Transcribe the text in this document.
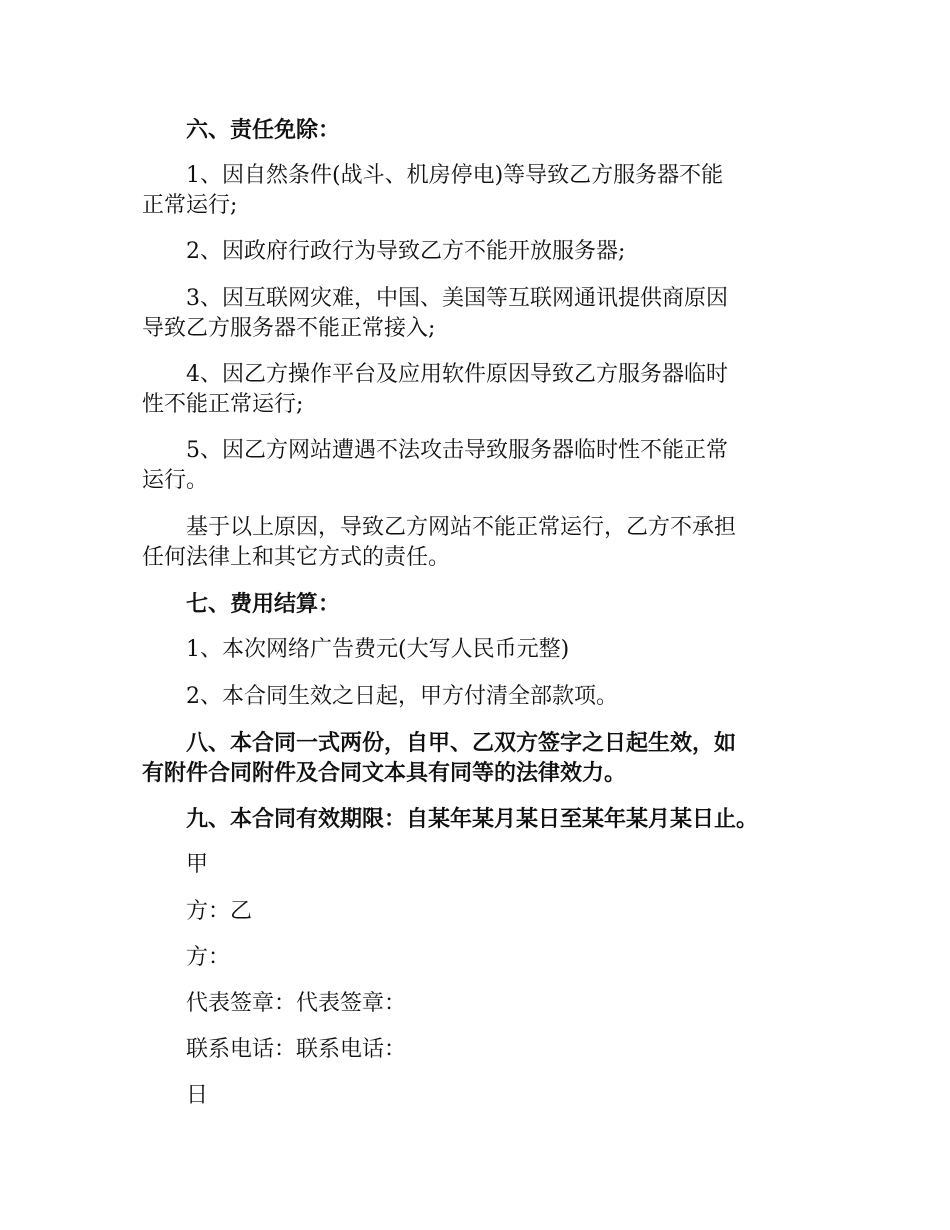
六、责任免除：
1、因自然条件(战斗、机房停电)等导致乙方服务器不能
正常运行;
2、因政府行政行为导致乙方不能开放服务器;
3、因互联网灾难，中国、美国等互联网通讯提供商原因
导致乙方服务器不能正常接入;
4、因乙方操作平台及应用软件原因导致乙方服务器临时
性不能正常运行;
5、因乙方网站遭遇不法攻击导致服务器临时性不能正常
运行。
基于以上原因，导致乙方网站不能正常运行，乙方不承担
任何法律上和其它方式的责任。
七、费用结算：
1、本次网络广告费元(大写人民币元整)
2、本合同生效之日起，甲方付清全部款项。
八、本合同一式两份，自甲、乙双方签字之日起生效，如
有附件合同附件及合同文本具有同等的法律效力。
九、本合同有效期限：自某年某月某日至某年某月某日止。
甲
方：乙
方：
代表签章：代表签章：
联系电话：联系电话：
日
